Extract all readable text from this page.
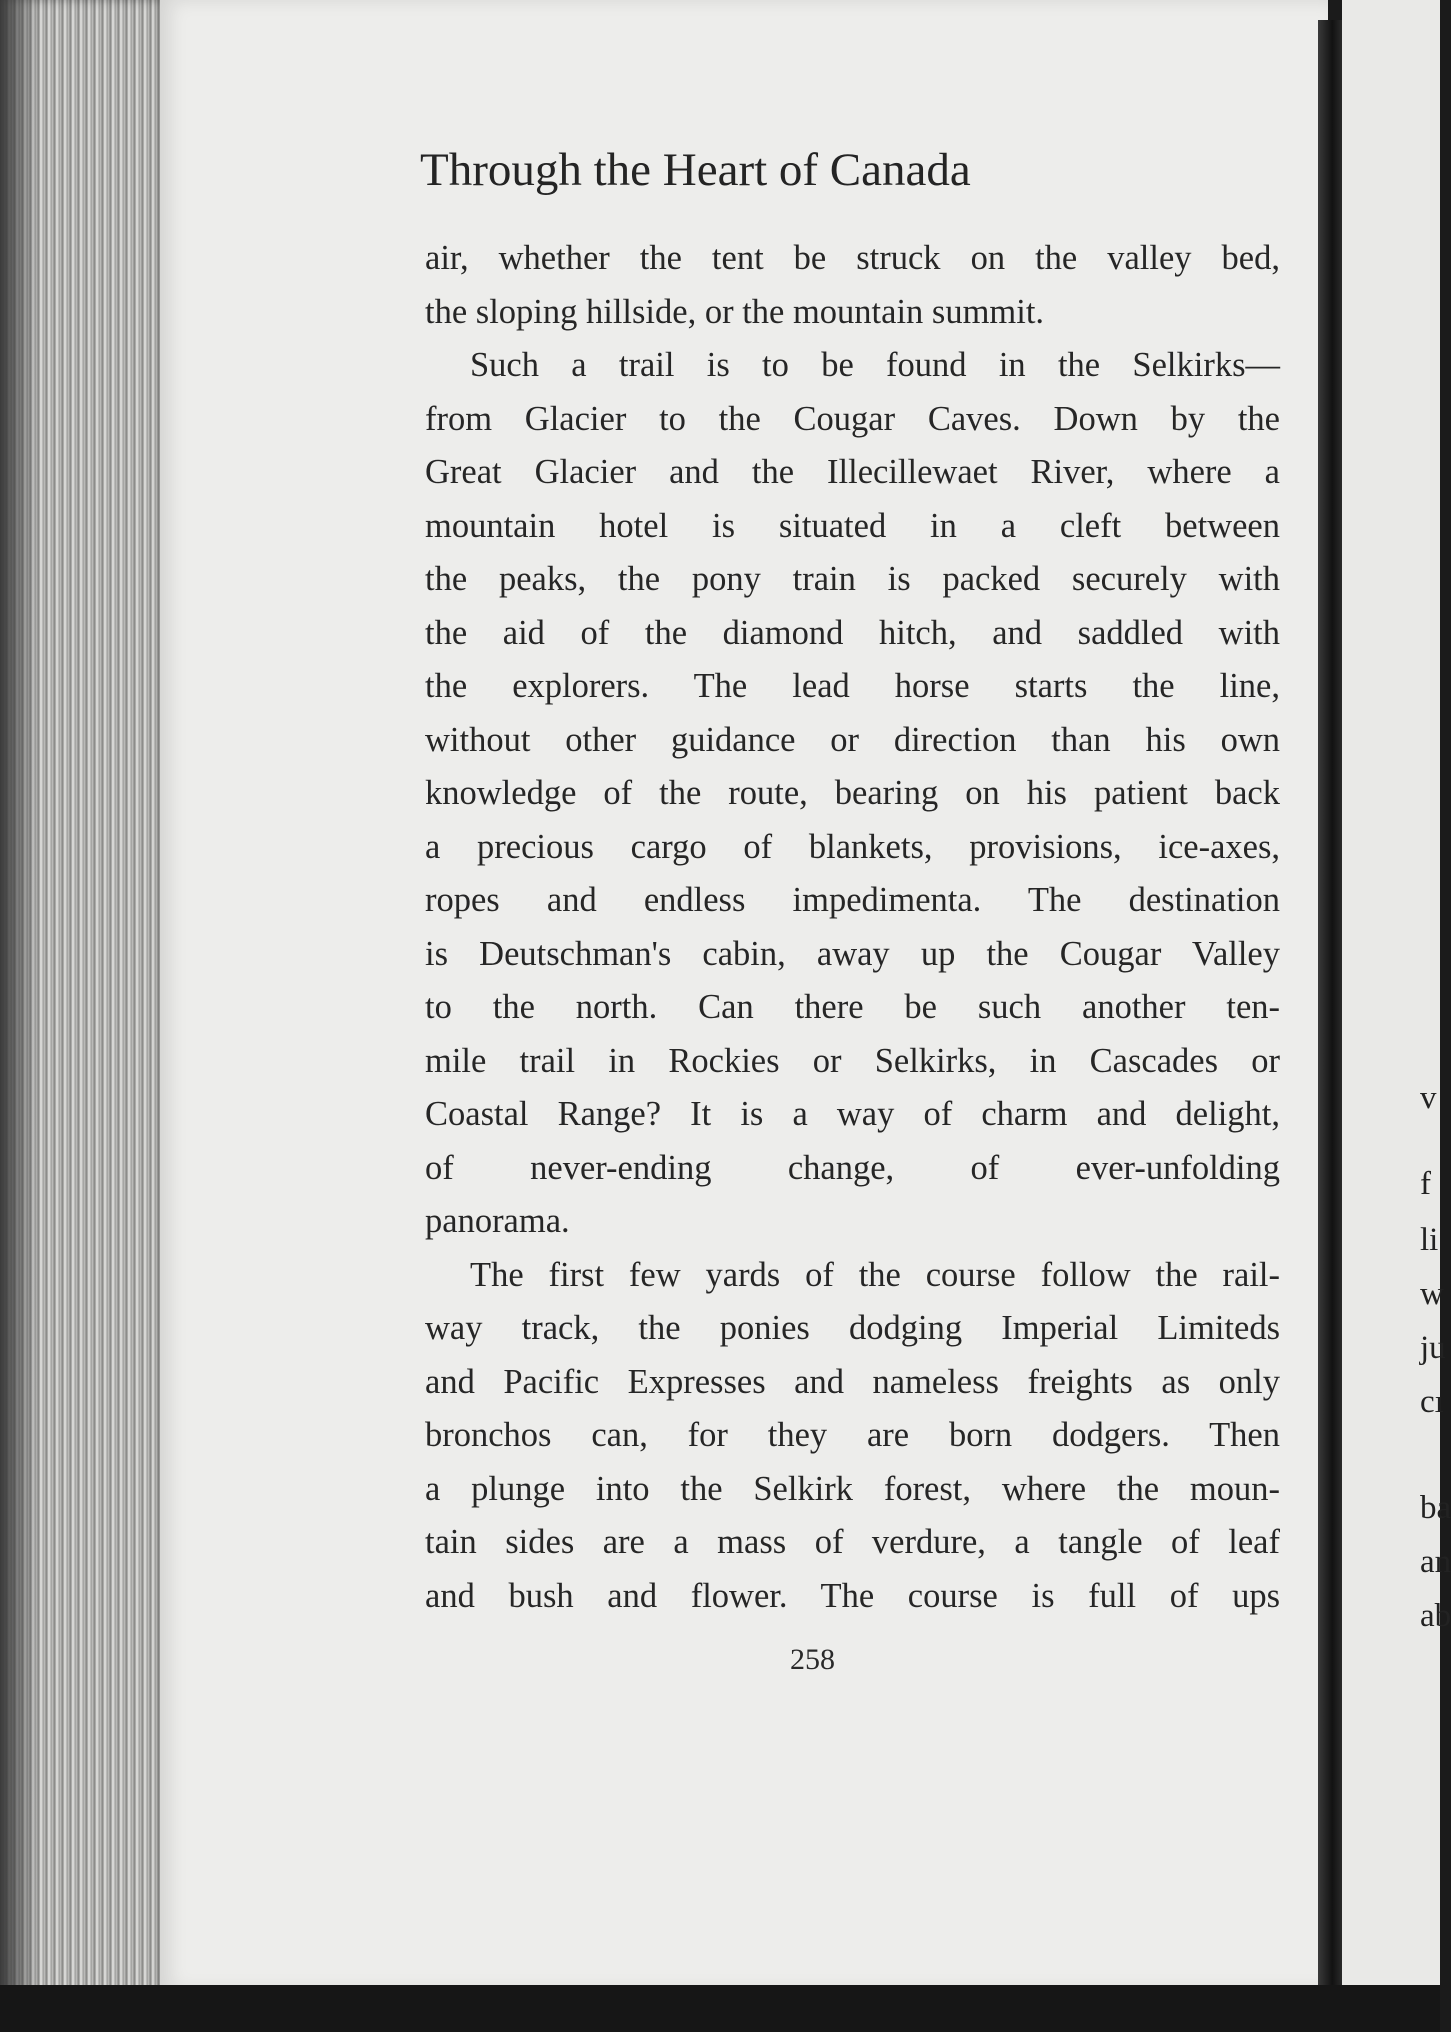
Through the Heart of Canada
air, whether the tent be struck on the valley bed,
the sloping hillside, or the mountain summit.
Such a trail is to be found in the Selkirks—
from Glacier to the Cougar Caves. Down by the
Great Glacier and the Illecillewaet River, where a
mountain hotel is situated in a cleft between
the peaks, the pony train is packed securely with
the aid of the diamond hitch, and saddled with
the explorers. The lead horse starts the line,
without other guidance or direction than his own
knowledge of the route, bearing on his patient back
a precious cargo of blankets, provisions, ice-axes,
ropes and endless impedimenta. The destination
is Deutschman's cabin, away up the Cougar Valley
to the north. Can there be such another ten-
mile trail in Rockies or Selkirks, in Cascades or
Coastal Range? It is a way of charm and delight,
of never-ending change, of ever-unfolding
panorama.
The first few yards of the course follow the rail-
way track, the ponies dodging Imperial Limiteds
and Pacific Expresses and nameless freights as only
bronchos can, for they are born dodgers. Then
a plunge into the Selkirk forest, where the moun-
tain sides are a mass of verdure, a tangle of leaf
and bush and flower. The course is full of ups
258
v
f
li
w
ju
cı
ba
an
ab
